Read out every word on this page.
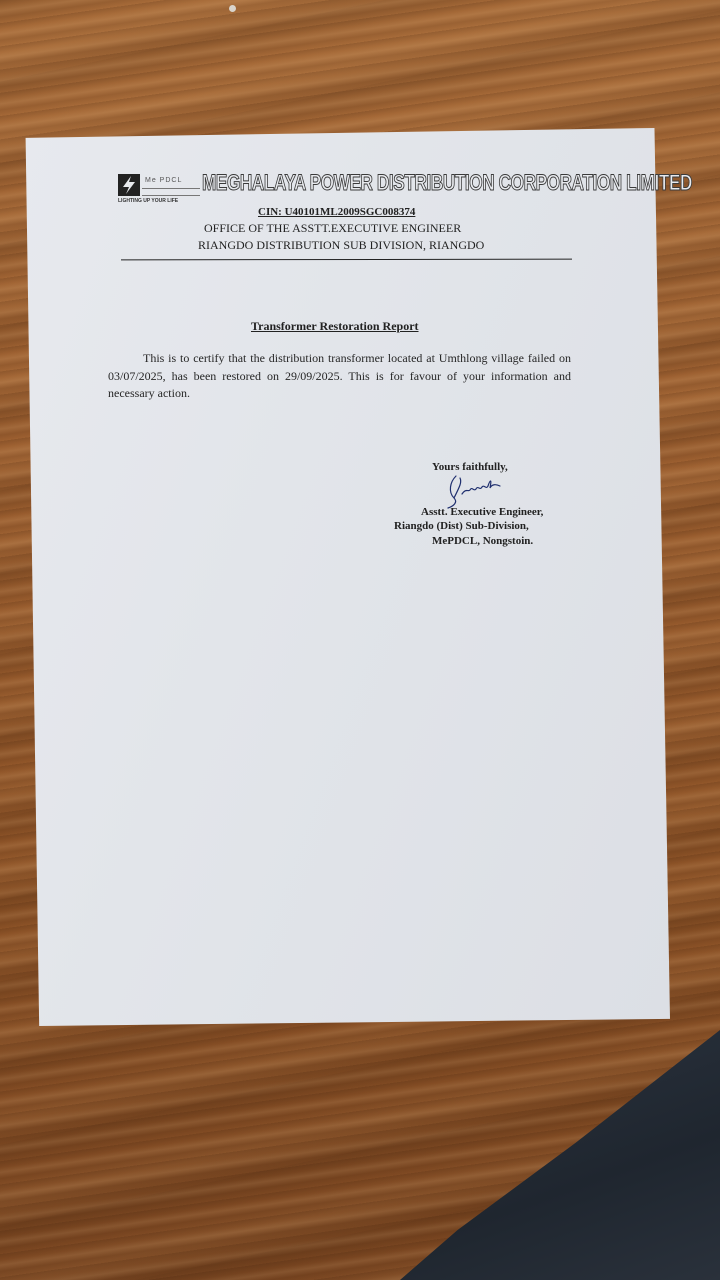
Me PDCL
LIGHTING UP YOUR LIFE
MEGHALAYA POWER DISTRIBUTION CORPORATION LIMITED
CIN: U40101ML2009SGC008374
OFFICE OF THE ASSTT.EXECUTIVE ENGINEER
RIANGDO DISTRIBUTION SUB DIVISION, RIANGDO
Transformer Restoration Report
This is to certify that the distribution transformer located at Umthlong village failed on 03/07/2025, has been restored on 29/09/2025. This is for favour of your information and necessary action.
Yours faithfully,
Asstt. Executive Engineer,
Riangdo (Dist) Sub-Division,
MePDCL, Nongstoin.
